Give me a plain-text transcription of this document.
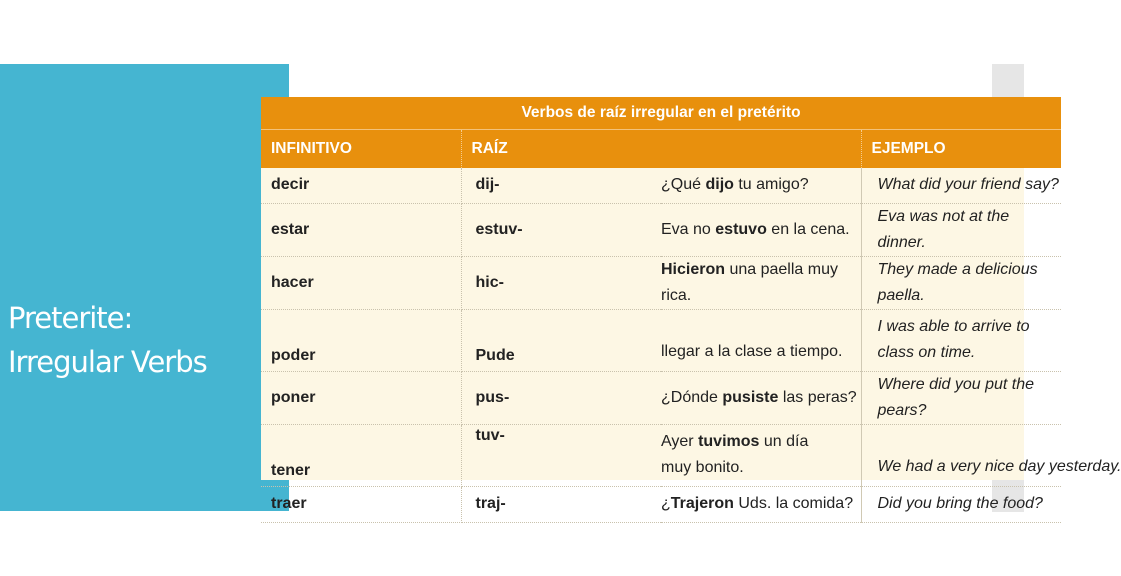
Preterite:
Irregular Verbs
Verbos de raíz irregular en el pretérito			
INFINITIVO	RAÍZ		EJEMPLO
decir	dij-	¿Qué dijo tu amigo?	What did your friend say?
estar	estuv-	Eva no estuvo en la cena.	Eva was not at the dinner.
hacer	hic-	Hicieron una paella muy rica.	They made a delicious paella.
poder	Pude	llegar a la clase a tiempo.	I was able to arrive to class on time.
poner	pus-	¿Dónde pusiste las peras?	Where did you put the pears?
tener	tuv-	Ayer tuvimos un día muy bonito.	We had a very nice day yesterday.
traer	traj-	¿Trajeron Uds. la comida?	Did you bring the food?
